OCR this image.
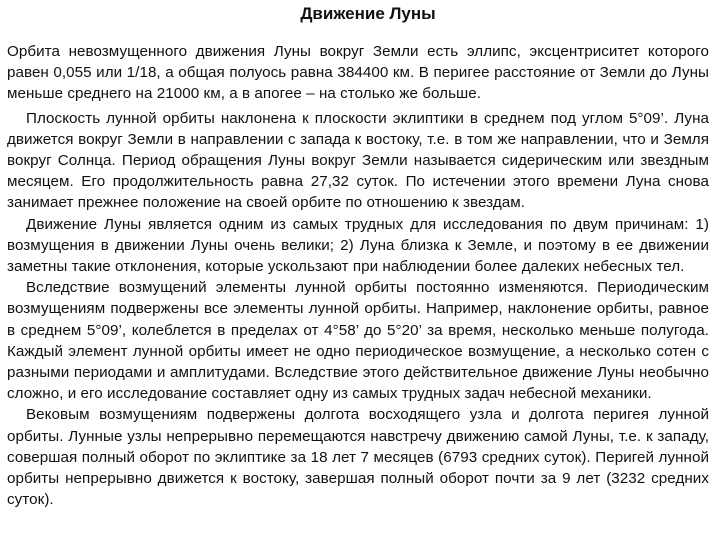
Движение Луны

Орбита невозмущенного движения Луны вокруг Земли есть эллипс, эксцентриситет которого равен 0,055 или 1/18, а общая полуось равна 384400 км. В перигее расстояние от Земли до Луны меньше среднего на 21000 км, а в апогее – на столько же больше.

Плоскость лунной орбиты наклонена к плоскости эклиптики в среднем под углом 5°09’. Луна движется вокруг Земли в направлении с запада к востоку, т.е. в том же направлении, что и Земля вокруг Солнца. Период обращения Луны вокруг Земли называется сидерическим или звездным месяцем. Его продолжительность равна 27,32 суток. По истечении этого времени Луна снова занимает прежнее положение на своей орбите по отношению к звездам.

Движение Луны является одним из самых трудных для исследования по двум причинам: 1) возмущения в движении Луны очень велики; 2) Луна близка к Земле, и поэтому в ее движении заметны такие отклонения, которые ускользают при наблюдении более далеких небесных тел.

Вследствие возмущений элементы лунной орбиты постоянно изменяются. Периодическим возмущениям подвержены все элементы лунной орбиты. Например, наклонение орбиты, равное в среднем 5°09’, колеблется в пределах от 4°58’ до 5°20’ за время, несколько меньше полугода. Каждый элемент лунной орбиты имеет не одно периодическое возмущение, а несколько сотен с разными периодами и амплитудами. Вследствие этого действительное движение Луны необычно сложно, и его исследование составляет одну из самых трудных задач небесной механики.

Вековым возмущениям подвержены долгота восходящего узла и долгота перигея лунной орбиты. Лунные узлы непрерывно перемещаются навстречу движению самой Луны, т.е. к западу, совершая полный оборот по эклиптике за 18 лет 7 месяцев (6793 средних суток). Перигей лунной орбиты непрерывно движется к востоку, завершая полный оборот почти за 9 лет (3232 средних суток).
